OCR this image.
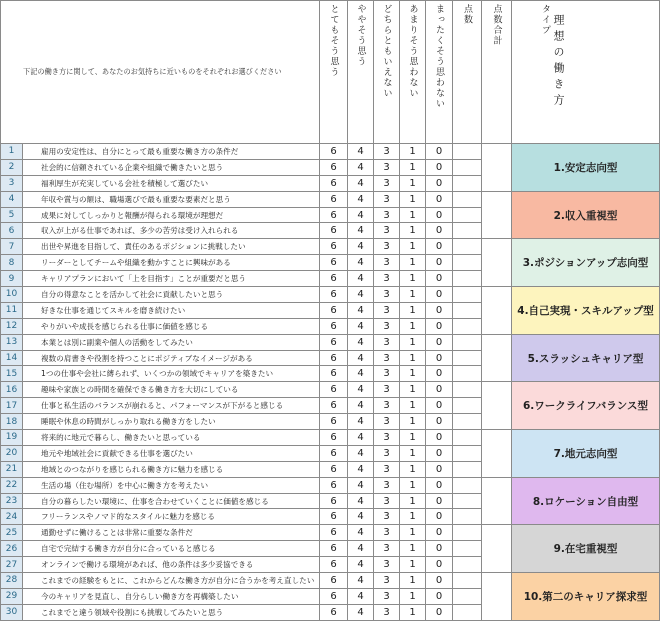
下記の働き方に関して、あなたのお気持ちに近いものをそれぞれお選びください		とてもそう思う	ややそう思う	どちらともいえない	あまりそう思わない	まったくそう思わない	点数	点数合計	タイプ 理想の働き方
1	雇用の安定性は、自分にとって最も重要な働き方の条件だ	6	4	3	1	0			1.安定志向型
2	社会的に信頼されている企業や組織で働きたいと思う	6	4	3	1	0			
3	福利厚生が充実している会社を積極して選びたい	6	4	3	1	0			
4	年収や賞与の額は、職場選びで最も重要な要素だと思う	6	4	3	1	0			2.収入重視型
5	成果に対してしっかりと報酬が得られる環境が理想だ	6	4	3	1	0			
6	収入が上がる仕事であれば、多少の苦労は受け入れられる	6	4	3	1	0			
7	出世や昇進を目指して、責任のあるポジションに挑戦したい	6	4	3	1	0			3.ポジションアップ志向型
8	リーダーとしてチームや組織を動かすことに興味がある	6	4	3	1	0			
9	キャリアプランにおいて「上を目指す」ことが重要だと思う	6	4	3	1	0			
10	自分の得意なことを活かして社会に貢献したいと思う	6	4	3	1	0			4.自己実現・スキルアップ型
11	好きな仕事を通じてスキルを磨き続けたい	6	4	3	1	0			
12	やりがいや成長を感じられる仕事に価値を感じる	6	4	3	1	0			
13	本業とは別に副業や個人の活動をしてみたい	6	4	3	1	0			5.スラッシュキャリア型
14	複数の肩書きや役割を持つことにポジティブなイメージがある	6	4	3	1	0			
15	1つの仕事や会社に縛られず、いくつかの領域でキャリアを築きたい	6	4	3	1	0			
16	趣味や家族との時間を確保できる働き方を大切にしている	6	4	3	1	0			6.ワークライフバランス型
17	仕事と私生活のバランスが崩れると、パフォーマンスが下がると感じる	6	4	3	1	0			
18	睡眠や休息の時間がしっかり取れる働き方をしたい	6	4	3	1	0			
19	将来的に地元で暮らし、働きたいと思っている	6	4	3	1	0			7.地元志向型
20	地元や地域社会に貢献できる仕事を選びたい	6	4	3	1	0			
21	地域とのつながりを感じられる働き方に魅力を感じる	6	4	3	1	0			
22	生活の場（住む場所）を中心に働き方を考えたい	6	4	3	1	0			8.ロケーション自由型
23	自分の暮らしたい環境に、仕事を合わせていくことに価値を感じる	6	4	3	1	0			
24	フリーランスやノマド的なスタイルに魅力を感じる	6	4	3	1	0			
25	通勤せずに働けることは非常に重要な条件だ	6	4	3	1	0			9.在宅重視型
26	自宅で完結する働き方が自分に合っていると感じる	6	4	3	1	0			
27	オンラインで働ける環境があれば、他の条件は多少妥協できる	6	4	3	1	0			
28	これまでの経験をもとに、これからどんな働き方が自分に合うかを考え直したい	6	4	3	1	0			10.第二のキャリア探求型
29	今のキャリアを見直し、自分らしい働き方を再構築したい	6	4	3	1	0			
30	これまでと違う領域や役割にも挑戦してみたいと思う	6	4	3	1	0			
